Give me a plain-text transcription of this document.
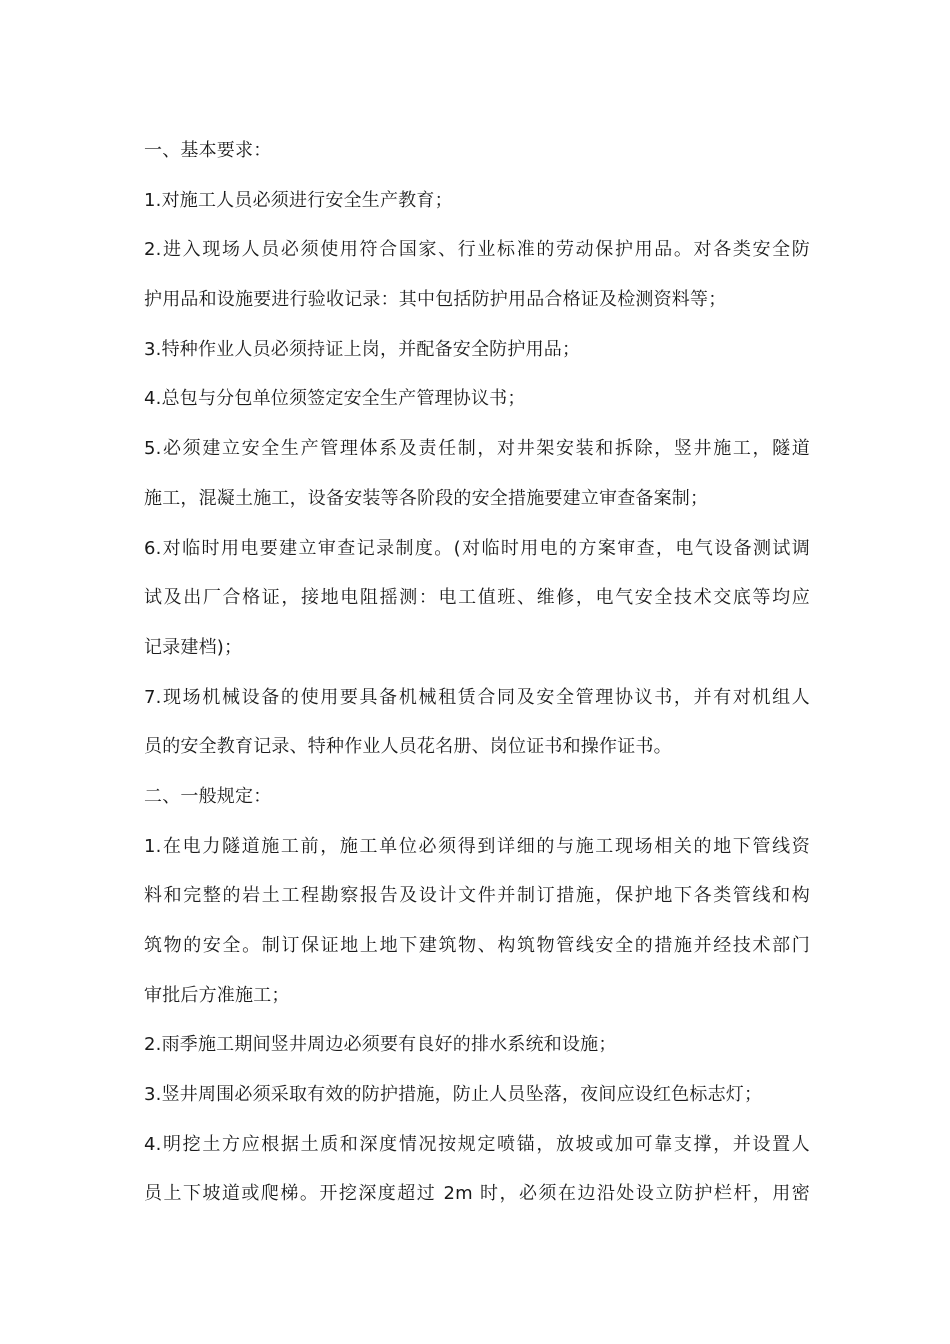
一、基本要求：
1.对施工人员必须进行安全生产教育；
2.进入现场人员必须使用符合国家、行业标准的劳动保护用品。对各类安全防
护用品和设施要进行验收记录：其中包括防护用品合格证及检测资料等；
3.特种作业人员必须持证上岗，并配备安全防护用品；
4.总包与分包单位须签定安全生产管理协议书；
5.必须建立安全生产管理体系及责任制，对井架安装和拆除，竖井施工，隧道
施工，混凝土施工，设备安装等各阶段的安全措施要建立审查备案制；
6.对临时用电要建立审查记录制度。(对临时用电的方案审查，电气设备测试调
试及出厂合格证，接地电阻摇测：电工值班、维修，电气安全技术交底等均应
记录建档)；
7.现场机械设备的使用要具备机械租赁合同及安全管理协议书，并有对机组人
员的安全教育记录、特种作业人员花名册、岗位证书和操作证书。
二、一般规定：
1.在电力隧道施工前，施工单位必须得到详细的与施工现场相关的地下管线资
料和完整的岩土工程勘察报告及设计文件并制订措施，保护地下各类管线和构
筑物的安全。制订保证地上地下建筑物、构筑物管线安全的措施并经技术部门
审批后方准施工；
2.雨季施工期间竖井周边必须要有良好的排水系统和设施；
3.竖井周围必须采取有效的防护措施，防止人员坠落，夜间应设红色标志灯；
4.明挖土方应根据土质和深度情况按规定喷锚，放坡或加可靠支撑，并设置人
员上下坡道或爬梯。开挖深度超过 2m 时，必须在边沿处设立防护栏杆，用密
